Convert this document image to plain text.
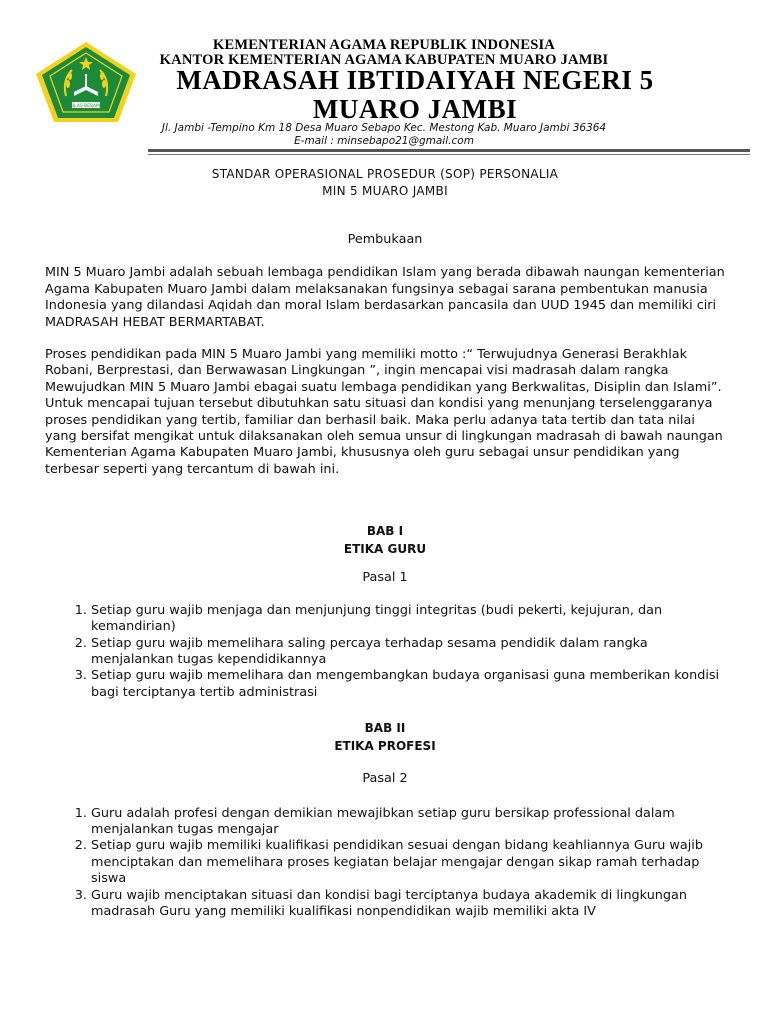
IKHLAS BERAMAL
KEMENTERIAN AGAMA REPUBLIK INDONESIA
KANTOR KEMENTERIAN AGAMA KABUPATEN MUARO JAMBI
MADRASAH IBTIDAIYAH NEGERI 5 MUARO JAMBI
Jl. Jambi -Tempino Km 18 Desa Muaro Sebapo Kec. Mestong Kab. Muaro Jambi 36364
E-mail : minsebapo21@gmail.com
STANDAR OPERASIONAL PROSEDUR (SOP) PERSONALIA
MIN 5 MUARO JAMBI
Pembukaan

MIN 5 Muaro Jambi adalah sebuah lembaga pendidikan Islam yang berada dibawah naungan kementerian Agama Kabupaten Muaro Jambi dalam melaksanakan fungsinya sebagai sarana pembentukan manusia Indonesia yang dilandasi Aqidah dan moral Islam berdasarkan pancasila dan UUD 1945 dan memiliki ciri MADRASAH HEBAT BERMARTABAT.

Proses pendidikan pada MIN 5 Muaro Jambi yang memiliki motto :“ Terwujudnya Generasi Berakhlak Robani, Berprestasi, dan Berwawasan Lingkungan ”, ingin mencapai visi madrasah dalam rangka Mewujudkan MIN 5 Muaro Jambi ebagai suatu lembaga pendidikan yang Berkwalitas, Disiplin dan Islami”. Untuk mencapai tujuan tersebut dibutuhkan satu situasi dan kondisi yang menunjang terselenggaranya proses pendidikan yang tertib, familiar dan berhasil baik. Maka perlu adanya tata tertib dan tata nilai yang bersifat mengikat untuk dilaksanakan oleh semua unsur di lingkungan madrasah di bawah naungan Kementerian Agama Kabupaten Muaro Jambi, khususnya oleh guru sebagai unsur pendidikan yang terbesar seperti yang tercantum di bawah ini.

BAB I
ETIKA GURU
Pasal 1
1. Setiap guru wajib menjaga dan menjunjung tinggi integritas (budi pekerti, kejujuran, dan kemandirian)
2. Setiap guru wajib memelihara saling percaya terhadap sesama pendidik dalam rangka menjalankan tugas kependidikannya
3. Setiap guru wajib memelihara dan mengembangkan budaya organisasi guna memberikan kondisi bagi terciptanya tertib administrasi
BAB II
ETIKA PROFESI
Pasal 2
1. Guru adalah profesi dengan demikian mewajibkan setiap guru bersikap professional dalam menjalankan tugas mengajar
2. Setiap guru wajib memiliki kualifikasi pendidikan sesuai dengan bidang keahliannya Guru wajib menciptakan dan memelihara proses kegiatan belajar mengajar dengan sikap ramah terhadap siswa
3. Guru wajib menciptakan situasi dan kondisi bagi terciptanya budaya akademik di lingkungan madrasah Guru yang memiliki kualifikasi nonpendidikan wajib memiliki akta IV
